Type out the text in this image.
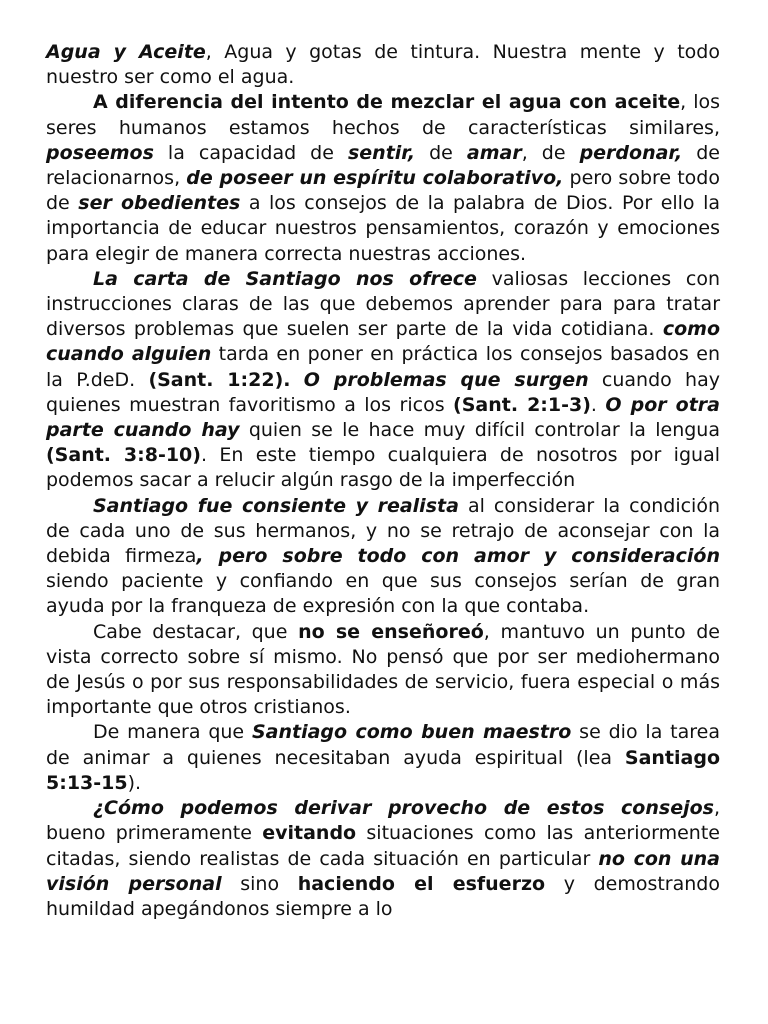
Agua y Aceite, Agua y gotas de tintura. Nuestra mente y todo nuestro ser como el agua.

A diferencia del intento de mezclar el agua con aceite, los seres humanos estamos hechos de características similares, poseemos la capacidad de sentir, de amar, de perdonar, de relacionarnos, de poseer un espíritu colaborativo, pero sobre todo de ser obedientes a los consejos de la palabra de Dios. Por ello la importancia de educar nuestros pensamientos, corazón y emociones para elegir de manera correcta nuestras acciones.

La carta de Santiago nos ofrece valiosas lecciones con instrucciones claras de las que debemos aprender para para tratar diversos problemas que suelen ser parte de la vida cotidiana. como cuando alguien tarda en poner en práctica los consejos basados en la P.deD. (Sant. 1:22). O problemas que surgen cuando hay quienes muestran favoritismo a los ricos (Sant. 2:1-3). O por otra parte cuando hay quien se le hace muy difícil controlar la lengua (Sant. 3:8-10). En este tiempo cualquiera de nosotros por igual podemos sacar a relucir algún rasgo de la imperfección

Santiago fue consiente y realista al considerar la condición de cada uno de sus hermanos, y no se retrajo de aconsejar con la debida firmeza, pero sobre todo con amor y consideración siendo paciente y confiando en que sus consejos serían de gran ayuda por la franqueza de expresión con la que contaba.

Cabe destacar, que no se enseñoreó, mantuvo un punto de vista correcto sobre sí mismo. No pensó que por ser mediohermano de Jesús o por sus responsabilidades de servicio, fuera especial o más importante que otros cristianos.

De manera que Santiago como buen maestro se dio la tarea de animar a quienes necesitaban ayuda espiritual (lea Santiago 5:13-15).

¿Cómo podemos derivar provecho de estos consejos, bueno primeramente evitando situaciones como las anteriormente citadas, siendo realistas de cada situación en particular no con una visión personal sino haciendo el esfuerzo y demostrando humildad apegándonos siempre a lo
